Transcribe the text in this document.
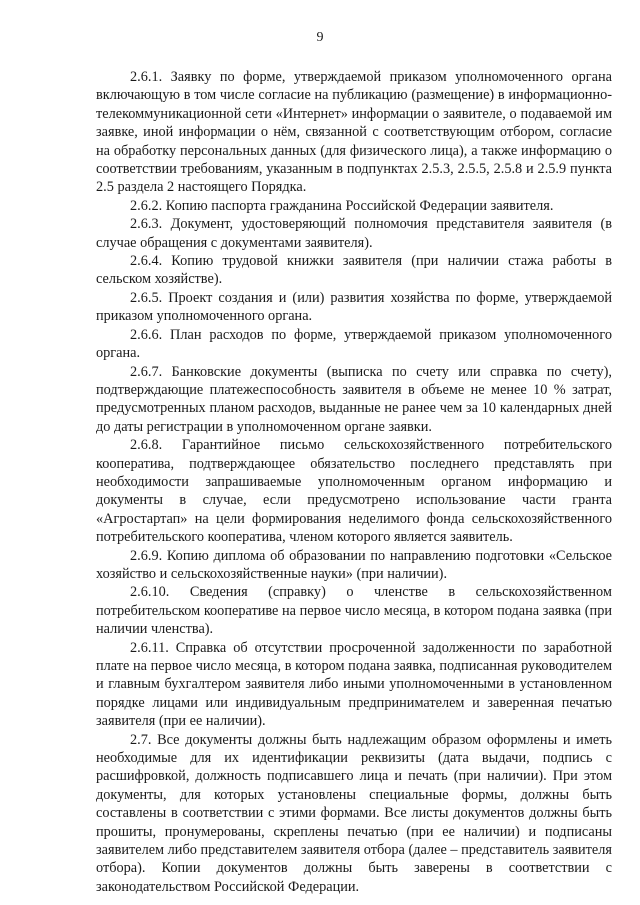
9

2.6.1. Заявку по форме, утверждаемой приказом уполномоченного органа включающую в том числе согласие на публикацию (размещение) в информационно-телекоммуникационной сети «Интернет» информации о заявителе, о подаваемой им заявке, иной информации о нём, связанной с соответствующим отбором, согласие на обработку персональных данных (для физического лица), а также информацию о соответствии требованиям, указанным в подпунктах 2.5.3, 2.5.5, 2.5.8 и 2.5.9 пункта 2.5 раздела 2 настоящего Порядка.

2.6.2. Копию паспорта гражданина Российской Федерации заявителя.

2.6.3. Документ, удостоверяющий полномочия представителя заявителя (в случае обращения с документами заявителя).

2.6.4. Копию трудовой книжки заявителя (при наличии стажа работы в сельском хозяйстве).

2.6.5. Проект создания и (или) развития хозяйства по форме, утверждаемой приказом уполномоченного органа.

2.6.6. План расходов по форме, утверждаемой приказом уполномоченного органа.

2.6.7. Банковские документы (выписка по счету или справка по счету), подтверждающие платежеспособность заявителя в объеме не менее 10 % затрат, предусмотренных планом расходов, выданные не ранее чем за 10 календарных дней до даты регистрации в уполномоченном органе заявки.

2.6.8. Гарантийное письмо сельскохозяйственного потребительского кооператива, подтверждающее обязательство последнего представлять при необходимости запрашиваемые уполномоченным органом информацию и документы в случае, если предусмотрено использование части гранта «Агростартап» на цели формирования неделимого фонда сельскохозяйственного потребительского кооператива, членом которого является заявитель.

2.6.9. Копию диплома об образовании по направлению подготовки «Сельское хозяйство и сельскохозяйственные науки» (при наличии).

2.6.10. Сведения (справку) о членстве в сельскохозяйственном потребительском кооперативе на первое число месяца, в котором подана заявка (при наличии членства).

2.6.11. Справка об отсутствии просроченной задолженности по заработной плате на первое число месяца, в котором подана заявка, подписанная руководителем и главным бухгалтером заявителя либо иными уполномоченными в установленном порядке лицами или индивидуальным предпринимателем и заверенная печатью заявителя (при ее наличии).

2.7. Все документы должны быть надлежащим образом оформлены и иметь необходимые для их идентификации реквизиты (дата выдачи, подпись с расшифровкой, должность подписавшего лица и печать (при наличии). При этом документы, для которых установлены специальные формы, должны быть составлены в соответствии с этими формами. Все листы документов должны быть прошиты, пронумерованы, скреплены печатью (при ее наличии) и подписаны заявителем либо представителем заявителя отбора (далее – представитель заявителя отбора). Копии документов должны быть заверены в соответствии с законодательством Российской Федерации.
